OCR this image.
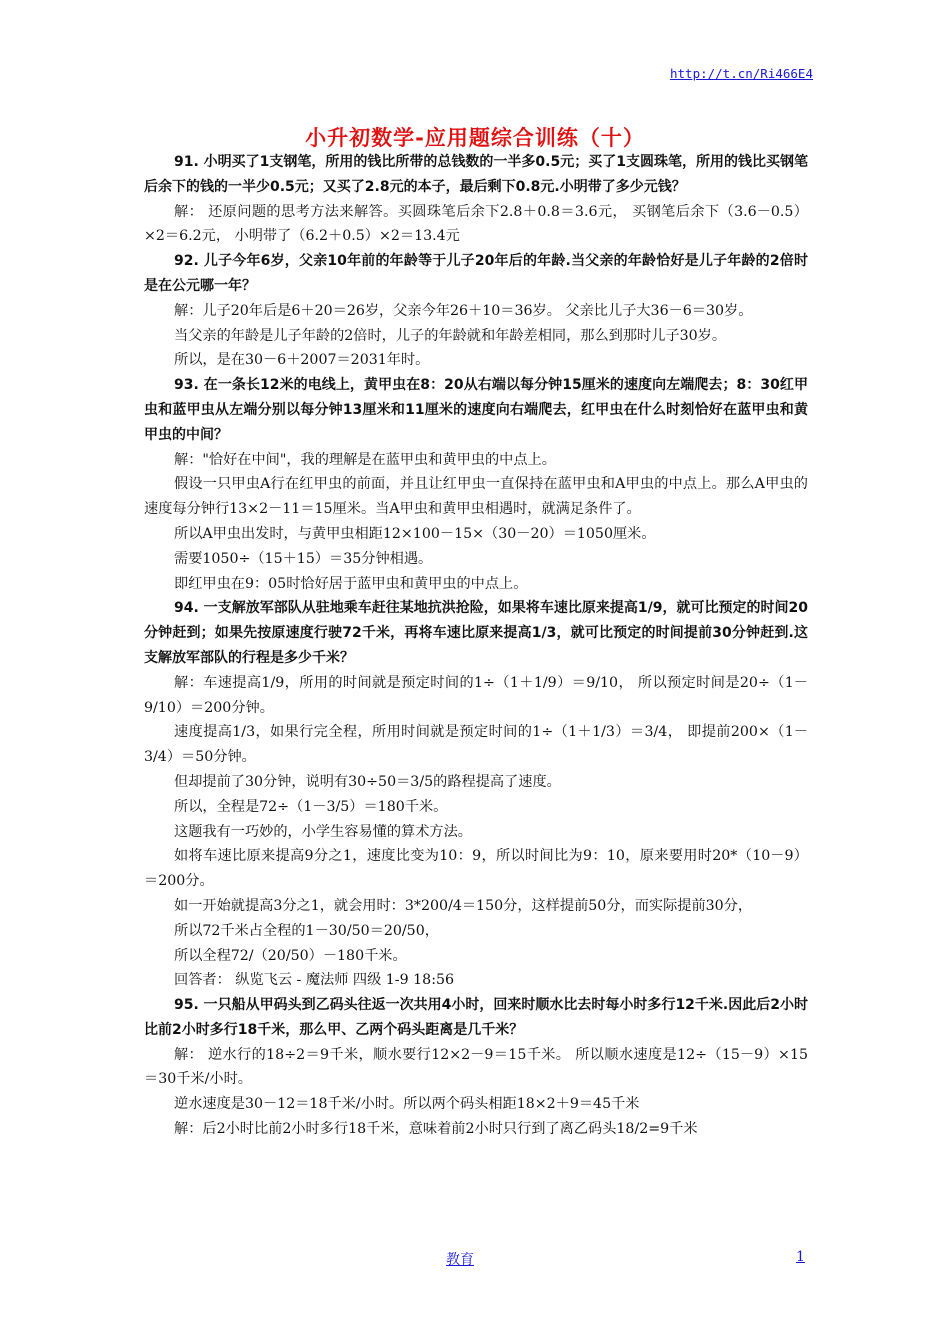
http://t.cn/Ri466E4
小升初数学-应用题综合训练（十）

91. 小明买了1支钢笔，所用的钱比所带的总钱数的一半多0.5元；买了1支圆珠笔，所用的钱比买钢笔后余下的钱的一半少0.5元；又买了2.8元的本子，最后剩下0.8元.小明带了多少元钱？

解： 还原问题的思考方法来解答。买圆珠笔后余下2.8＋0.8＝3.6元， 买钢笔后余下（3.6－0.5）×2＝6.2元， 小明带了（6.2＋0.5）×2＝13.4元

92. 儿子今年6岁，父亲10年前的年龄等于儿子20年后的年龄.当父亲的年龄恰好是儿子年龄的2倍时是在公元哪一年？

解：儿子20年后是6＋20＝26岁，父亲今年26＋10＝36岁。 父亲比儿子大36－6＝30岁。

当父亲的年龄是儿子年龄的2倍时，儿子的年龄就和年龄差相同，那么到那时儿子30岁。

所以，是在30－6＋2007＝2031年时。

93. 在一条长12米的电线上，黄甲虫在8：20从右端以每分钟15厘米的速度向左端爬去；8：30红甲虫和蓝甲虫从左端分别以每分钟13厘米和11厘米的速度向右端爬去，红甲虫在什么时刻恰好在蓝甲虫和黄甲虫的中间？

解："恰好在中间"，我的理解是在蓝甲虫和黄甲虫的中点上。

假设一只甲虫A行在红甲虫的前面，并且让红甲虫一直保持在蓝甲虫和A甲虫的中点上。那么A甲虫的速度每分钟行13×2－11＝15厘米。当A甲虫和黄甲虫相遇时，就满足条件了。

所以A甲虫出发时，与黄甲虫相距12×100－15×（30－20）＝1050厘米。

需要1050÷（15＋15）＝35分钟相遇。

即红甲虫在9：05时恰好居于蓝甲虫和黄甲虫的中点上。

94. 一支解放军部队从驻地乘车赶往某地抗洪抢险，如果将车速比原来提高1/9，就可比预定的时间20分钟赶到；如果先按原速度行驶72千米，再将车速比原来提高1/3，就可比预定的时间提前30分钟赶到.这支解放军部队的行程是多少千米？

解：车速提高1/9，所用的时间就是预定时间的1÷（1＋1/9）＝9/10， 所以预定时间是20÷（1－9/10）＝200分钟。

速度提高1/3，如果行完全程，所用时间就是预定时间的1÷（1＋1/3）＝3/4， 即提前200×（1－3/4）＝50分钟。

但却提前了30分钟，说明有30÷50＝3/5的路程提高了速度。

所以，全程是72÷（1－3/5）＝180千米。

这题我有一巧妙的，小学生容易懂的算术方法。

如将车速比原来提高9分之1，速度比变为10：9，所以时间比为9：10，原来要用时20*（10－9）＝200分。

如一开始就提高3分之1，就会用时：3*200/4＝150分，这样提前50分，而实际提前30分，

所以72千米占全程的1－30/50＝20/50，

所以全程72/（20/50）－180千米。

回答者： 纵览飞云 - 魔法师 四级 1-9 18:56

95. 一只船从甲码头到乙码头往返一次共用4小时，回来时顺水比去时每小时多行12千米.因此后2小时比前2小时多行18千米，那么甲、乙两个码头距离是几千米？

解： 逆水行的18÷2＝9千米，顺水要行12×2－9＝15千米。 所以顺水速度是12÷（15－9）×15＝30千米/小时。

逆水速度是30－12＝18千米/小时。所以两个码头相距18×2＋9＝45千米

解：后2小时比前2小时多行18千米，意味着前2小时只行到了离乙码头18/2=9千米

教育	1
